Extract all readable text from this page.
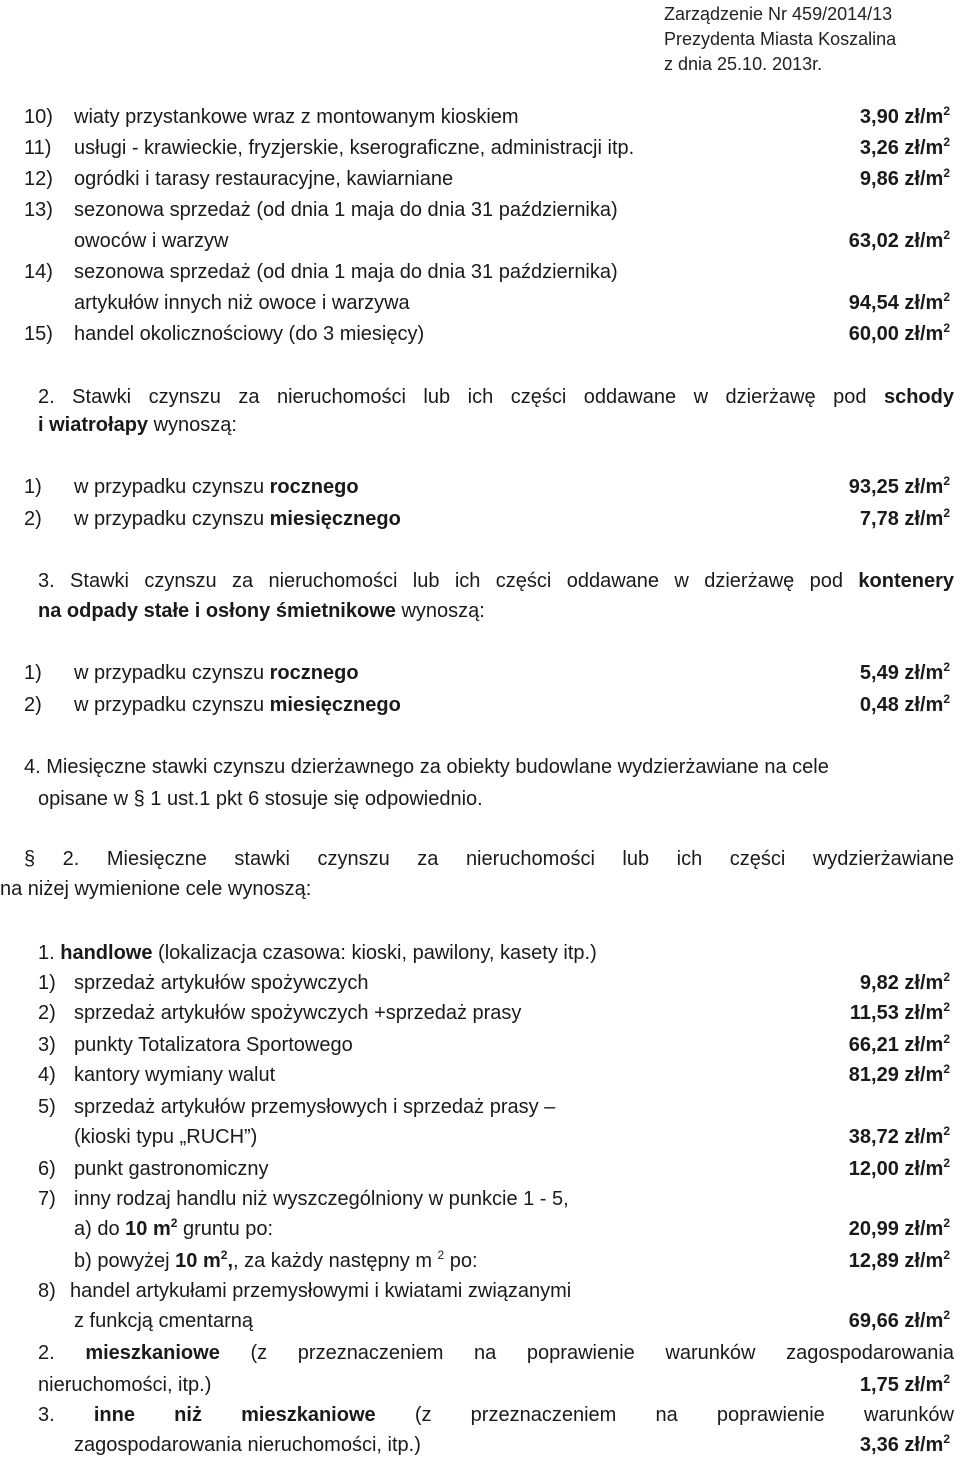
Zarządzenie Nr 459/2014/13
Prezydenta Miasta Koszalina
z dnia 25.10. 2013r.
10) wiaty przystankowe wraz z montowanym kioskiem	3,90 $zł/m^2$
11) usługi - krawieckie, fryzjerskie, kserograficzne, administracji itp.	3,26 $zł/m^2$
12) ogródki i tarasy restauracyjne, kawiarniane	9,86 $zł/m^2$
13) sezonowa sprzedaż (od dnia 1 maja do dnia 31 października)
owoców i warzyw	63,02 $zł/m^2$
14) sezonowa sprzedaż (od dnia 1 maja do dnia 31 października)
artykułów innych niż owoce i warzywa	94,54 $zł/m^2$
15) handel okolicznościowy (do 3 miesięcy)	60,00 $zł/m^2$
2. Stawki czynszu za nieruchomości lub ich części oddawane w dzierżawę pod schody
i wiatrołapy wynoszą:
1) w przypadku czynszu rocznego	93,25 $zł/m^2$
2) w przypadku czynszu miesięcznego	7,78 $zł/m^2$
3. Stawki czynszu za nieruchomości lub ich części oddawane w dzierżawę pod kontenery
na odpady stałe i osłony śmietnikowe wynoszą:
1) w przypadku czynszu rocznego	5,49 $zł/m^2$
2) w przypadku czynszu miesięcznego	0,48 $zł/m^2$
4. Miesięczne stawki czynszu dzierżawnego za obiekty budowlane wydzierżawiane na cele
opisane w § 1 ust.1 pkt 6 stosuje się odpowiednio.
§ 2. Miesięczne stawki czynszu za nieruchomości lub ich części wydzierżawiane
na niżej wymienione cele wynoszą:
1. handlowe (lokalizacja czasowa: kioski, pawilony, kasety itp.)
1) sprzedaż artykułów spożywczych	9,82 $zł/m^2$
2) sprzedaż artykułów spożywczych +sprzedaż prasy	11,53 $zł/m^2$
3) punkty Totalizatora Sportowego	66,21 $zł/m^2$
4) kantory wymiany walut	81,29 $zł/m^2$
5) sprzedaż artykułów przemysłowych i sprzedaż prasy –
(kioski typu „RUCH”)	38,72 $zł/m^2$
6) punkt gastronomiczny	12,00 $zł/m^2$
7) inny rodzaj handlu niż wyszczególniony w punkcie 1 - 5,
a) do 10 $m^2$ gruntu po:	20,99 $zł/m^2$
b) powyżej 10 $m^2$,, za każdy następny m $^2$ po:	12,89 $zł/m^2$
8) handel artykułami przemysłowymi i kwiatami związanymi
z funkcją cmentarną	69,66 $zł/m^2$
2. mieszkaniowe (z przeznaczeniem na poprawienie warunków zagospodarowania
nieruchomości, itp.)	1,75 $zł/m^2$
3. inne niż mieszkaniowe (z przeznaczeniem na poprawienie warunków
zagospodarowania nieruchomości, itp.)	3,36 $zł/m^2$
